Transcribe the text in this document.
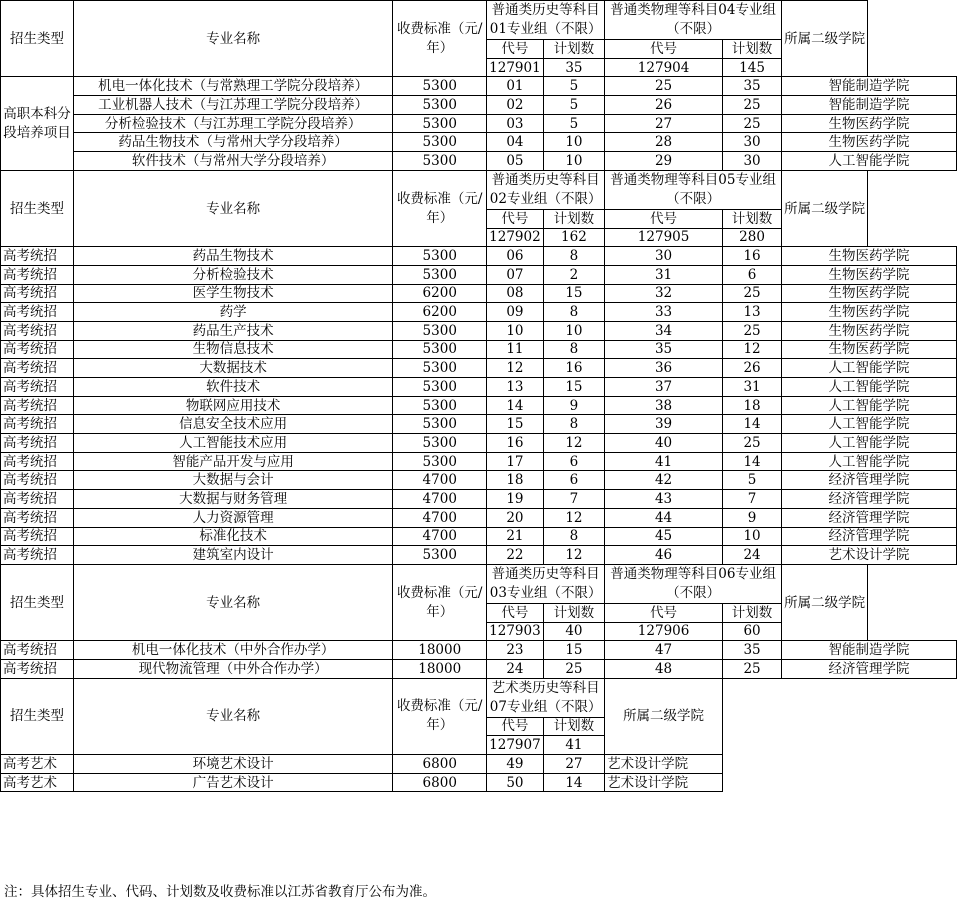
招生类型	专业名称	收费标准（元/年）	普通类历史等科目01专业组（不限）		普通类物理等科目04专业组（不限）		所属二级学院	
			代号	计划数	代号	计划数		
			127901	35	127904	145		
高职本科分段培养项目	机电一体化技术（与常熟理工学院分段培养）	5300	01	5	25	35	智能制造学院	
	工业机器人技术（与江苏理工学院分段培养）	5300	02	5	26	25	智能制造学院	
	分析检验技术（与江苏理工学院分段培养）	5300	03	5	27	25	生物医药学院	
	药品生物技术（与常州大学分段培养）	5300	04	10	28	30	生物医药学院	
	软件技术（与常州大学分段培养）	5300	05	10	29	30	人工智能学院	
招生类型	专业名称	收费标准（元/年）	普通类历史等科目02专业组（不限）		普通类物理等科目05专业组（不限）		所属二级学院	
			代号	计划数	代号	计划数		
			127902	162	127905	280		
高考统招	药品生物技术	5300	06	8	30	16	生物医药学院	
高考统招	分析检验技术	5300	07	2	31	6	生物医药学院	
高考统招	医学生物技术	6200	08	15	32	25	生物医药学院	
高考统招	药学	6200	09	8	33	13	生物医药学院	
高考统招	药品生产技术	5300	10	10	34	25	生物医药学院	
高考统招	生物信息技术	5300	11	8	35	12	生物医药学院	
高考统招	大数据技术	5300	12	16	36	26	人工智能学院	
高考统招	软件技术	5300	13	15	37	31	人工智能学院	
高考统招	物联网应用技术	5300	14	9	38	18	人工智能学院	
高考统招	信息安全技术应用	5300	15	8	39	14	人工智能学院	
高考统招	人工智能技术应用	5300	16	12	40	25	人工智能学院	
高考统招	智能产品开发与应用	5300	17	6	41	14	人工智能学院	
高考统招	大数据与会计	4700	18	6	42	5	经济管理学院	
高考统招	大数据与财务管理	4700	19	7	43	7	经济管理学院	
高考统招	人力资源管理	4700	20	12	44	9	经济管理学院	
高考统招	标准化技术	4700	21	8	45	10	经济管理学院	
高考统招	建筑室内设计	5300	22	12	46	24	艺术设计学院	
招生类型	专业名称	收费标准（元/年）	普通类历史等科目03专业组（不限）		普通类物理等科目06专业组（不限）		所属二级学院	
			代号	计划数	代号	计划数		
			127903	40	127906	60		
高考统招	机电一体化技术（中外合作办学）	18000	23	15	47	35	智能制造学院	
高考统招	现代物流管理（中外合作办学）	18000	24	25	48	25	经济管理学院	
招生类型	专业名称	收费标准（元/年）	艺术类历史等科目07专业组（不限）		所属二级学院			
			代号	计划数				
			127907	41				
高考艺术	环境艺术设计	6800	49	27	艺术设计学院			
高考艺术	广告艺术设计	6800	50	14	艺术设计学院			
注：具体招生专业、代码、计划数及收费标准以江苏省教育厅公布为准。
